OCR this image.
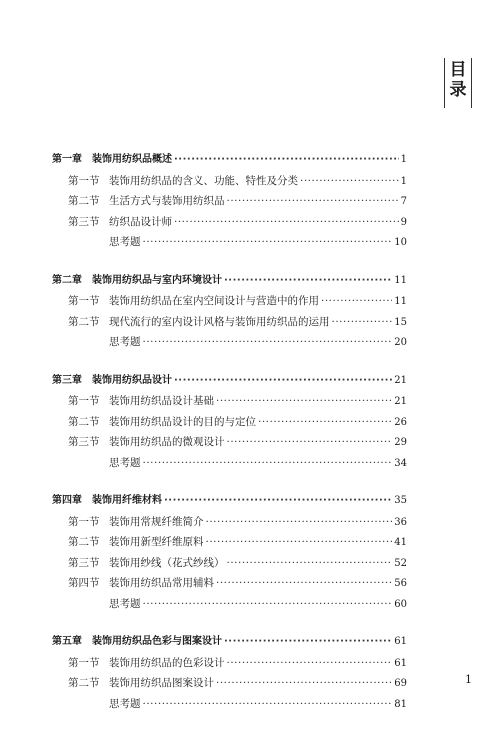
目录
第一章 装饰用纺织品概述 ·····	1
第一节 装饰用纺织品的含义、功能、特性及分类 ·····	1
第二节 生活方式与装饰用纺织品 ·····	7
第三节 纺织品设计师 ·····	9
思考题 ·····	10
第二章 装饰用纺织品与室内环境设计 ·····	11
第一节 装饰用纺织品在室内空间设计与营造中的作用 ·····	11
第二节 现代流行的室内设计风格与装饰用纺织品的运用 ·····	15
思考题 ·····	20
第三章 装饰用纺织品设计 ·····	21
第一节 装饰用纺织品设计基础 ·····	21
第二节 装饰用纺织品设计的目的与定位 ·····	26
第三节 装饰用纺织品的微观设计 ·····	29
思考题 ·····	34
第四章 装饰用纤维材料 ·····	35
第一节 装饰用常规纤维简介 ·····	36
第二节 装饰用新型纤维原料 ·····	41
第三节 装饰用纱线（花式纱线） ·····	52
第四节 装饰用纺织品常用辅料 ·····	56
思考题 ·····	60
第五章 装饰用纺织品色彩与图案设计 ·····	61
第一节 装饰用纺织品的色彩设计 ·····	61
第二节 装饰用纺织品图案设计 ·····	69
思考题 ·····	81
1
